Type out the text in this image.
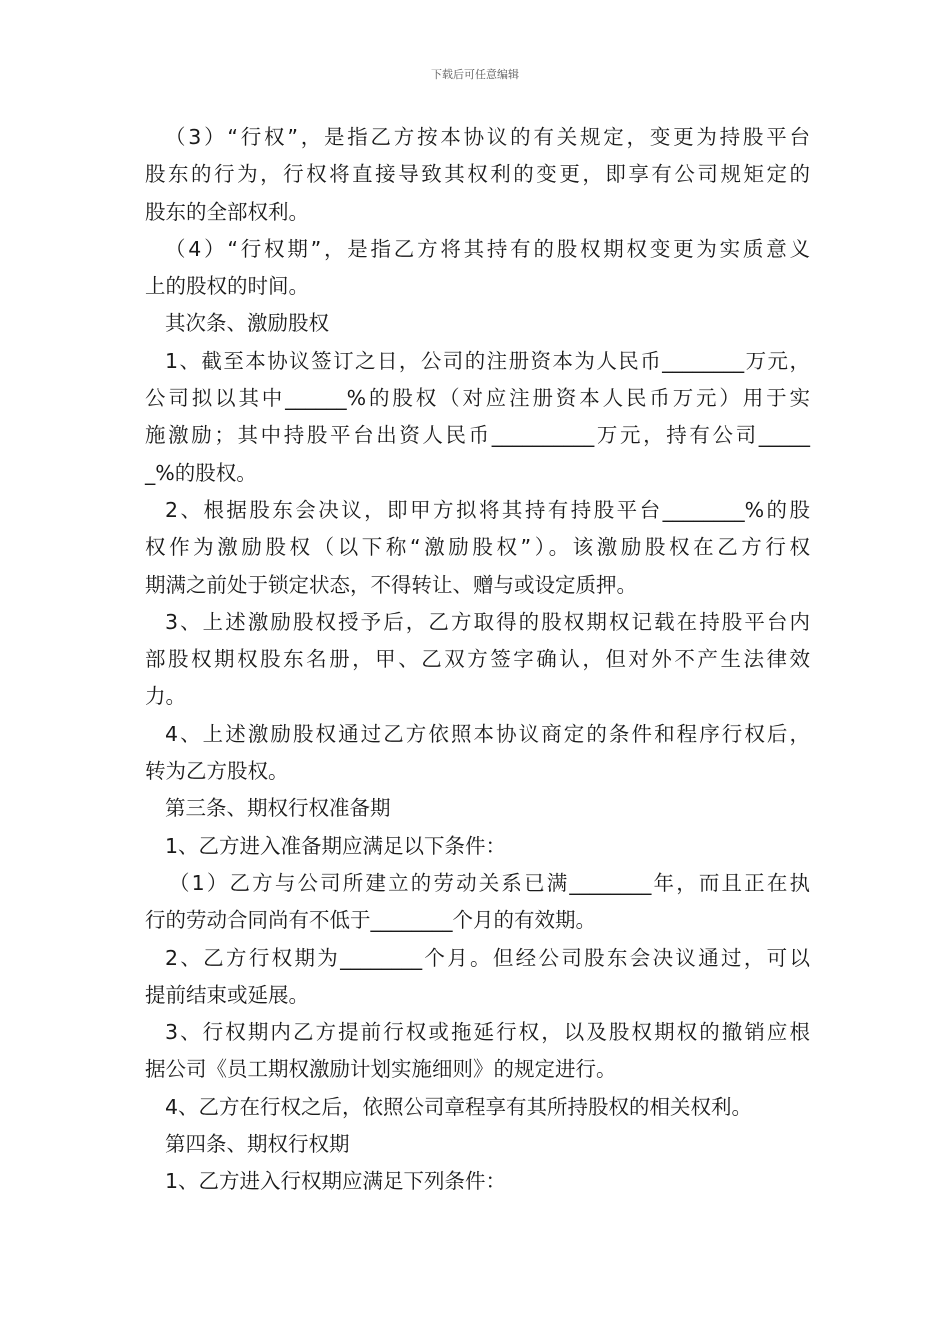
下载后可任意编辑
（3）“行权”，是指乙方按本协议的有关规定，变更为持股平台
股东的行为，行权将直接导致其权利的变更，即享有公司规矩定的
股东的全部权利。
（4）“行权期”，是指乙方将其持有的股权期权变更为实质意义
上的股权的时间。
其次条、激励股权
1、截至本协议签订之日，公司的注册资本为人民币________万元，
公司拟以其中______%的股权（对应注册资本人民币万元）用于实
施激励；其中持股平台出资人民币__________万元，持有公司_____
_%的股权。
2、根据股东会决议，即甲方拟将其持有持股平台________%的股
权作为激励股权（以下称“激励股权”）。该激励股权在乙方行权
期满之前处于锁定状态，不得转让、赠与或设定质押。
3、上述激励股权授予后，乙方取得的股权期权记载在持股平台内
部股权期权股东名册，甲、乙双方签字确认，但对外不产生法律效
力。
4、上述激励股权通过乙方依照本协议商定的条件和程序行权后，
转为乙方股权。
第三条、期权行权准备期
1、乙方进入准备期应满足以下条件：
（1）乙方与公司所建立的劳动关系已满________年，而且正在执
行的劳动合同尚有不低于________个月的有效期。
2、乙方行权期为________个月。但经公司股东会决议通过，可以
提前结束或延展。
3、行权期内乙方提前行权或拖延行权，以及股权期权的撤销应根
据公司《员工期权激励计划实施细则》的规定进行。
4、乙方在行权之后，依照公司章程享有其所持股权的相关权利。
第四条、期权行权期
1、乙方进入行权期应满足下列条件：
